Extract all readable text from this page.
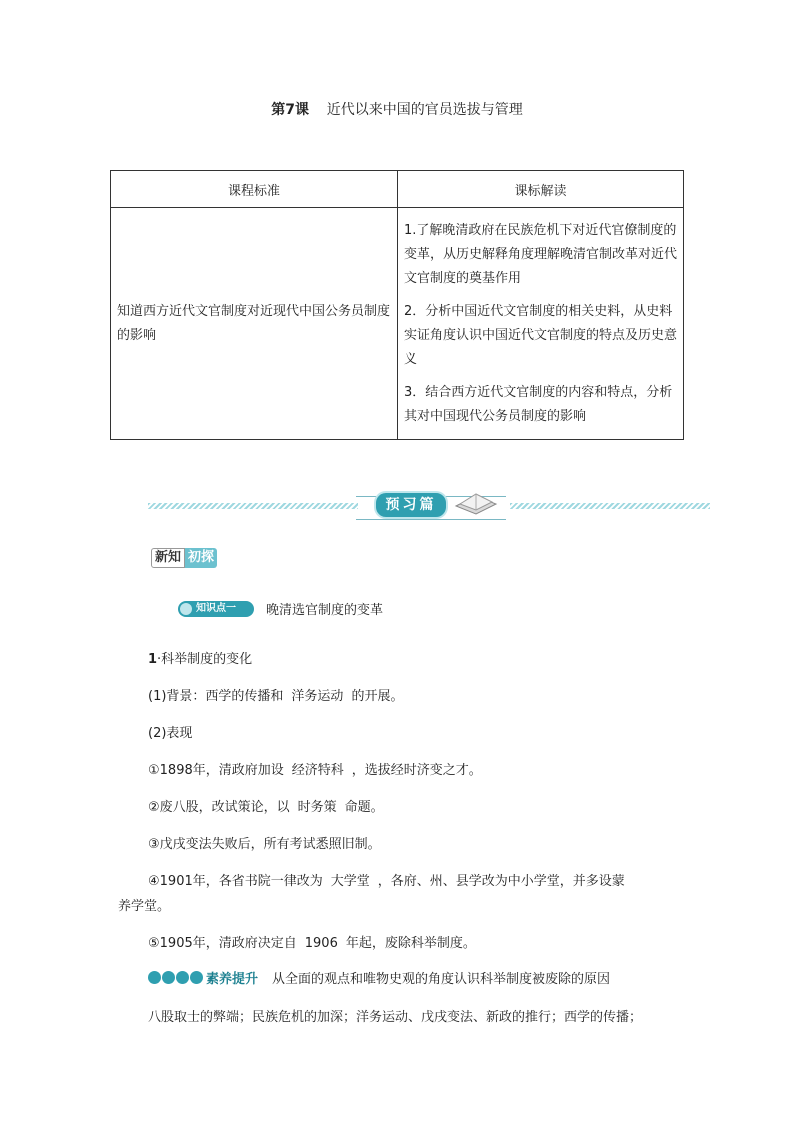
第7课 近代以来中国的官员选拔与管理
课程标准	课标解读
知道西方近代文官制度对近现代中国公务员制度的影响	1.了解晚清政府在民族危机下对近代官僚制度的变革，从历史解释角度理解晚清官制改革对近代文官制度的奠基作用

2．分析中国近代文官制度的相关史料，从史料实证角度认识中国近代文官制度的特点及历史意义

3．结合西方近代文官制度的内容和特点，分析其对中国现代公务员制度的影响

预习篇
新知 初探
知识点一	晚清选官制度的变革
1·科举制度的变化
(1)背景：西学的传播和 洋务运动 的开展。
(2)表现
①1898年，清政府加设 经济特科 ，选拔经时济变之才。
②废八股，改试策论，以 时务策 命题。
③戊戌变法失败后，所有考试悉照旧制。
④1901年，各省书院一律改为 大学堂 ，各府、州、县学改为中小学堂，并多设蒙
养学堂。
⑤1905年，清政府决定自 1906 年起，废除科举制度。
素养提升 从全面的观点和唯物史观的角度认识科举制度被废除的原因
八股取士的弊端；民族危机的加深；洋务运动、戊戌变法、新政的推行；西学的传播；
